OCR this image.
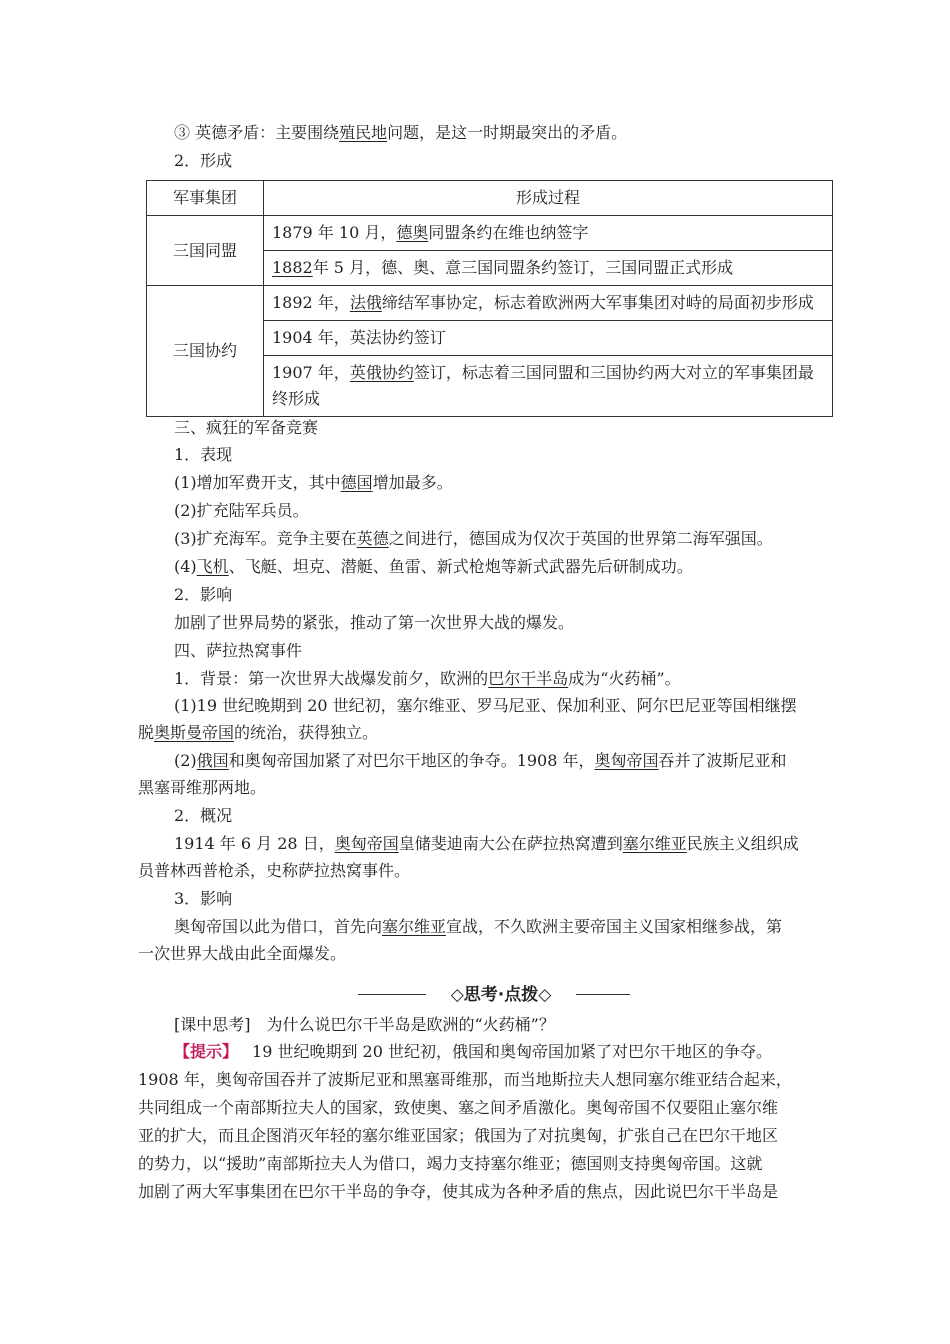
③ 英德矛盾：主要围绕殖民地问题，是这一时期最突出的矛盾。
2．形成
军事集团	形成过程
三国同盟	1879 年 10 月，德奥同盟条约在维也纳签字
	1882年 5 月，德、奥、意三国同盟条约签订，三国同盟正式形成
三国协约	1892 年，法俄缔结军事协定，标志着欧洲两大军事集团对峙的局面初步形成
	1904 年，英法协约签订
	1907 年，英俄协约签订，标志着三国同盟和三国协约两大对立的军事集团最终形成
三、疯狂的军备竞赛
1．表现
(1)增加军费开支，其中德国增加最多。
(2)扩充陆军兵员。
(3)扩充海军。竞争主要在英德之间进行，德国成为仅次于英国的世界第二海军强国。
(4)飞机、飞艇、坦克、潜艇、鱼雷、新式枪炮等新式武器先后研制成功。
2．影响
加剧了世界局势的紧张，推动了第一次世界大战的爆发。
四、萨拉热窝事件
1．背景：第一次世界大战爆发前夕，欧洲的巴尔干半岛成为“火药桶”。
(1)19 世纪晚期到 20 世纪初，塞尔维亚、罗马尼亚、保加利亚、阿尔巴尼亚等国相继摆
脱奥斯曼帝国的统治，获得独立。
(2)俄国和奥匈帝国加紧了对巴尔干地区的争夺。1908 年，奥匈帝国吞并了波斯尼亚和
黑塞哥维那两地。
2．概况
1914 年 6 月 28 日，奥匈帝国皇储斐迪南大公在萨拉热窝遭到塞尔维亚民族主义组织成
员普林西普枪杀，史称萨拉热窝事件。
3．影响
奥匈帝国以此为借口，首先向塞尔维亚宣战，不久欧洲主要帝国主义国家相继参战，第
一次世界大战由此全面爆发。
◇思考·点拨◇
[课中思考]　为什么说巴尔干半岛是欧洲的“火药桶”？
【提示】 19 世纪晚期到 20 世纪初，俄国和奥匈帝国加紧了对巴尔干地区的争夺。
1908 年，奥匈帝国吞并了波斯尼亚和黑塞哥维那，而当地斯拉夫人想同塞尔维亚结合起来，
共同组成一个南部斯拉夫人的国家，致使奥、塞之间矛盾激化。奥匈帝国不仅要阻止塞尔维
亚的扩大，而且企图消灭年轻的塞尔维亚国家；俄国为了对抗奥匈，扩张自己在巴尔干地区
的势力，以“援助”南部斯拉夫人为借口，竭力支持塞尔维亚；德国则支持奥匈帝国。这就
加剧了两大军事集团在巴尔干半岛的争夺，使其成为各种矛盾的焦点，因此说巴尔干半岛是
